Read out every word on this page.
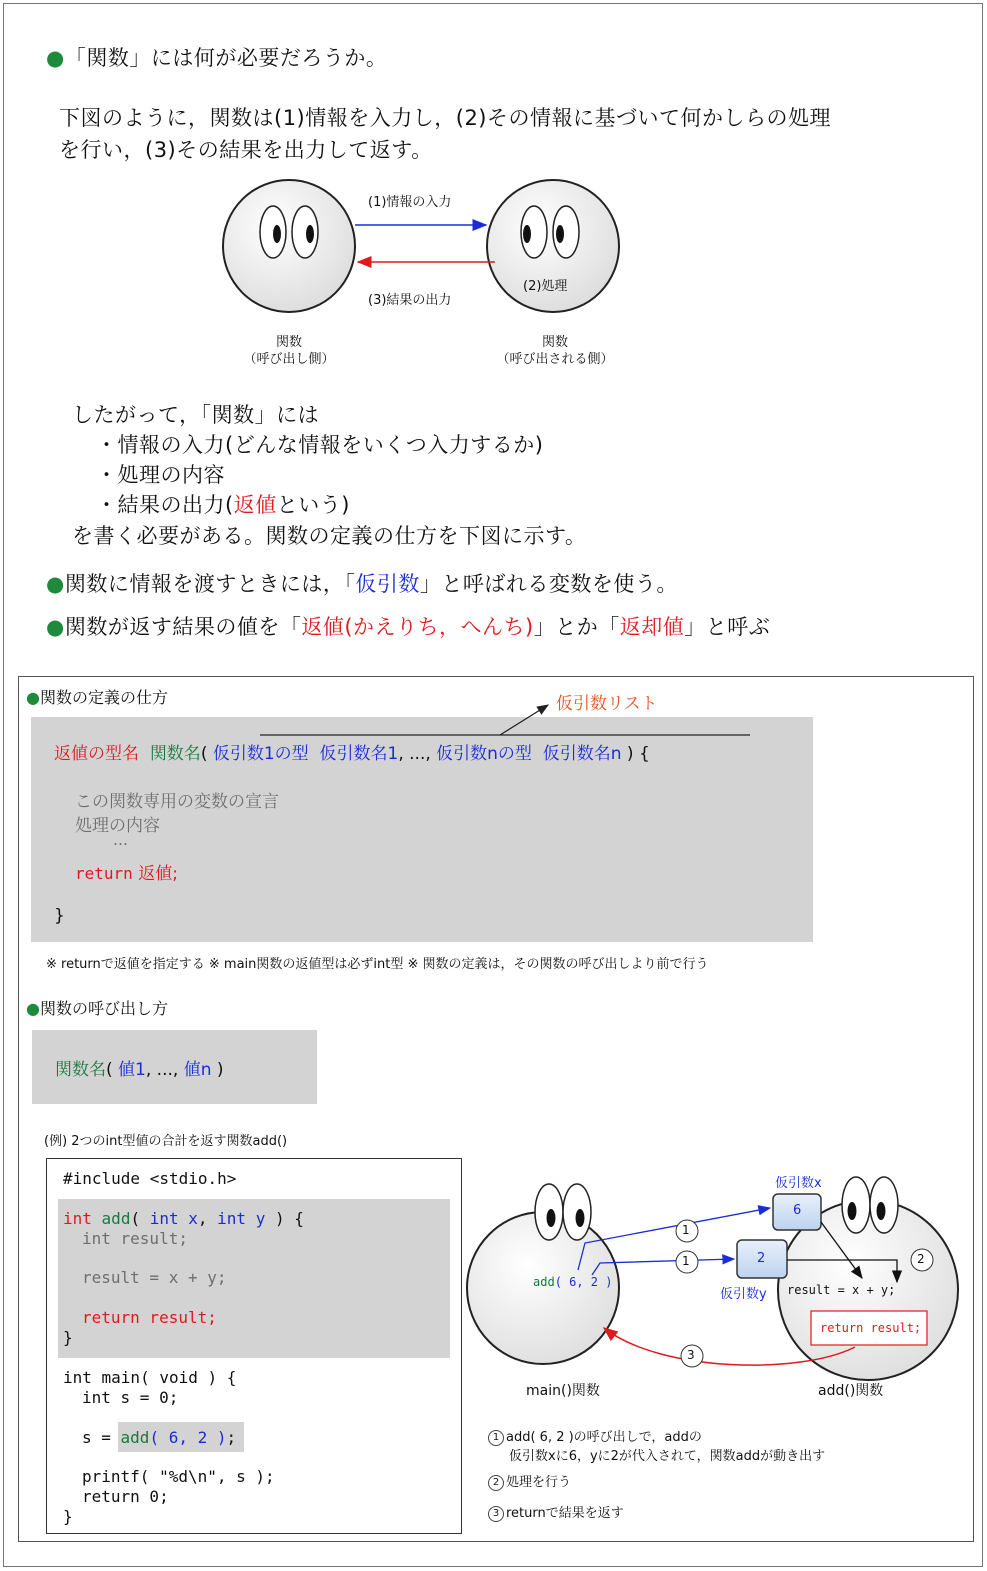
●「関数」には何が必要だろうか。
下図のように，関数は(1)情報を入力し，(2)その情報に基づいて何かしらの処理
を行い，(3)その結果を出力して返す。
(1)情報の入力
(3)結果の出力
(2)処理
関数
（呼び出し側）
関数
（呼び出される側）
したがって，「関数」には
・情報の入力(どんな情報をいくつ入力するか)
・処理の内容
・結果の出力(返値という)
を書く必要がある。関数の定義の仕方を下図に示す。
●関数に情報を渡すときには，「仮引数」と呼ばれる変数を使う。
●関数が返す結果の値を「返値(かえりち，へんち)」とか「返却値」と呼ぶ
●関数の定義の仕方	仮引数リスト
返値の型名 関数名( 仮引数1の型 仮引数名1, ..., 仮引数nの型 仮引数名n ) {
この関数専用の変数の宣言
処理の内容
…
return 返値;
}
※ returnで返値を指定する ※ main関数の返値型は必ずint型 ※ 関数の定義は，その関数の呼び出しより前で行う
●関数の呼び出し方
関数名( 値1, ..., 値n )
(例) 2つのint型値の合計を返す関数add()
#include <stdio.h>
int add( int x, int y ) {
int result;
result = x + y;
return result;
}
int main( void ) {
int s = 0;
s = add( 6, 2 );
printf( "%d\n", s );
return 0;
}
1
1	2
3
仮引数x
6
2
仮引数y
add( 6, 2 )
result = x + y;
return result;
main()関数	add()関数
1 add( 6, 2 )の呼び出しで，addの
仮引数xに6，yに2が代入されて，関数addが動き出す
2 処理を行う
3 returnで結果を返す
